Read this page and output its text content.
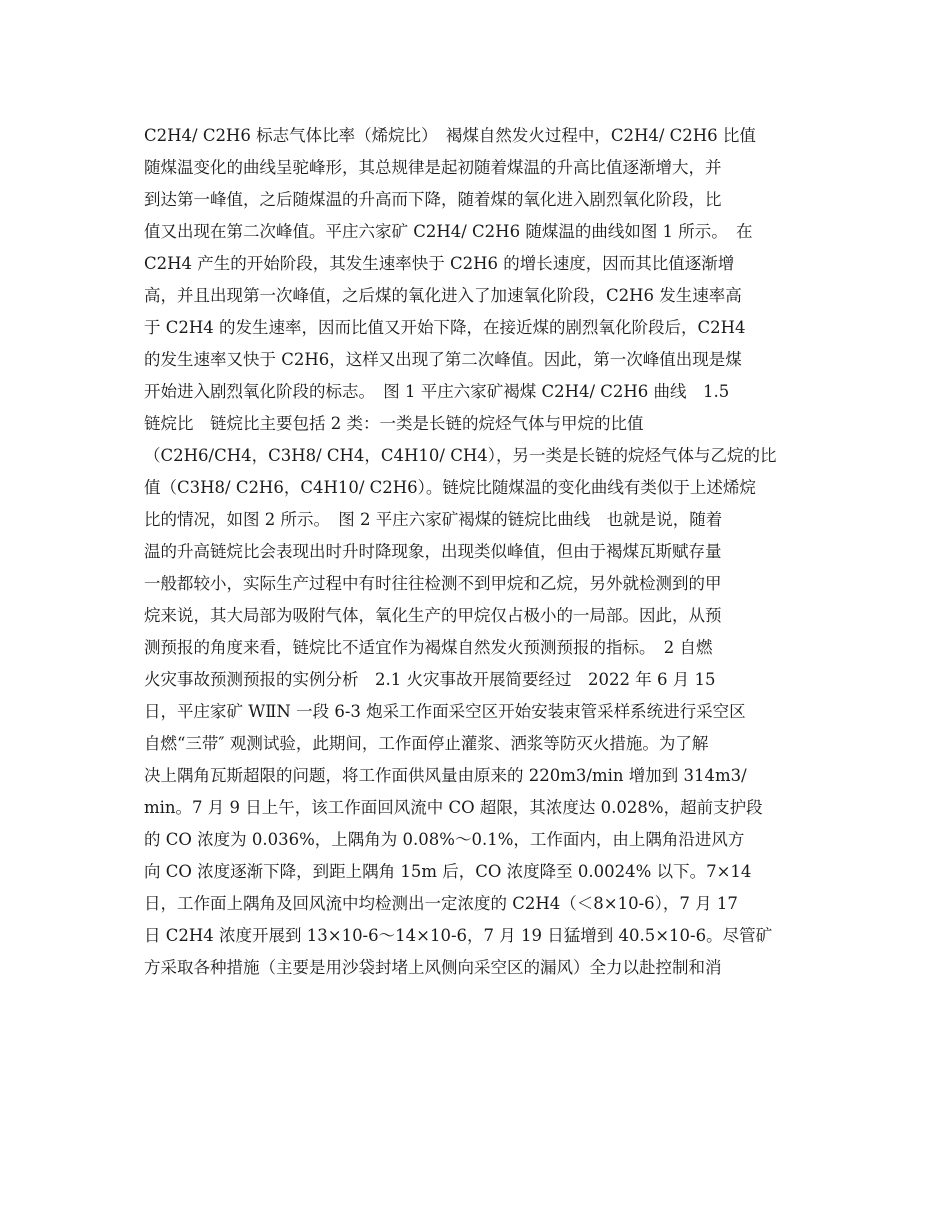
C2H4/ C2H6 标志气体比率（烯烷比）　褐煤自然发火过程中，C2H4/ C2H6 比值
随煤温变化的曲线呈驼峰形，其总规律是起初随着煤温的升高比值逐渐增大，并
到达第一峰值，之后随煤温的升高而下降，随着煤的氧化进入剧烈氧化阶段，比
值又出现在第二次峰值。平庄六家矿 C2H4/ C2H6 随煤温的曲线如图 1 所示。　在
C2H4 产生的开始阶段，其发生速率快于 C2H6 的增长速度，因而其比值逐渐增
高，并且出现第一次峰值，之后煤的氧化进入了加速氧化阶段，C2H6 发生速率高
于 C2H4 的发生速率，因而比值又开始下降，在接近煤的剧烈氧化阶段后，C2H4
的发生速率又快于 C2H6，这样又出现了第二次峰值。因此，第一次峰值出现是煤
开始进入剧烈氧化阶段的标志。　图 1 平庄六家矿褐煤 C2H4/ C2H6 曲线　1.5
链烷比　链烷比主要包括 2 类：一类是长链的烷烃气体与甲烷的比值
（C2H6/CH4，C3H8/ CH4，C4H10/ CH4），另一类是长链的烷烃气体与乙烷的比
值（C3H8/ C2H6，C4H10/ C2H6）。链烷比随煤温的变化曲线有类似于上述烯烷
比的情况，如图 2 所示。　图 2 平庄六家矿褐煤的链烷比曲线　也就是说，随着
温的升高链烷比会表现出时升时降现象，出现类似峰值，但由于褐煤瓦斯赋存量
一般都较小，实际生产过程中有时往往检测不到甲烷和乙烷，另外就检测到的甲
烷来说，其大局部为吸附气体，氧化生产的甲烷仅占极小的一局部。因此，从预
测预报的角度来看，链烷比不适宜作为褐煤自然发火预测预报的指标。　2 自燃
火灾事故预测预报的实例分析　2.1 火灾事故开展简要经过　2022 年 6 月 15
日，平庄家矿 WⅡN 一段 6-3 炮采工作面采空区开始安装束管采样系统进行采空区
自燃“三带″ 观测试验，此期间，工作面停止灌浆、洒浆等防灭火措施。为了解
决上隅角瓦斯超限的问题，将工作面供风量由原来的 220m3/min 增加到 314m3/
min。7 月 9 日上午，该工作面回风流中 CO 超限，其浓度达 0.028%，超前支护段
的 CO 浓度为 0.036%，上隅角为 0.08%～0.1%，工作面内，由上隅角沿进风方
向 CO 浓度逐渐下降，到距上隅角 15m 后，CO 浓度降至 0.0024% 以下。7×14
日，工作面上隅角及回风流中均检测出一定浓度的 C2H4（＜8×10-6），7 月 17
日 C2H4 浓度开展到 13×10-6～14×10-6，7 月 19 日猛增到 40.5×10-6。尽管矿
方采取各种措施（主要是用沙袋封堵上风侧向采空区的漏风）全力以赴控制和消
